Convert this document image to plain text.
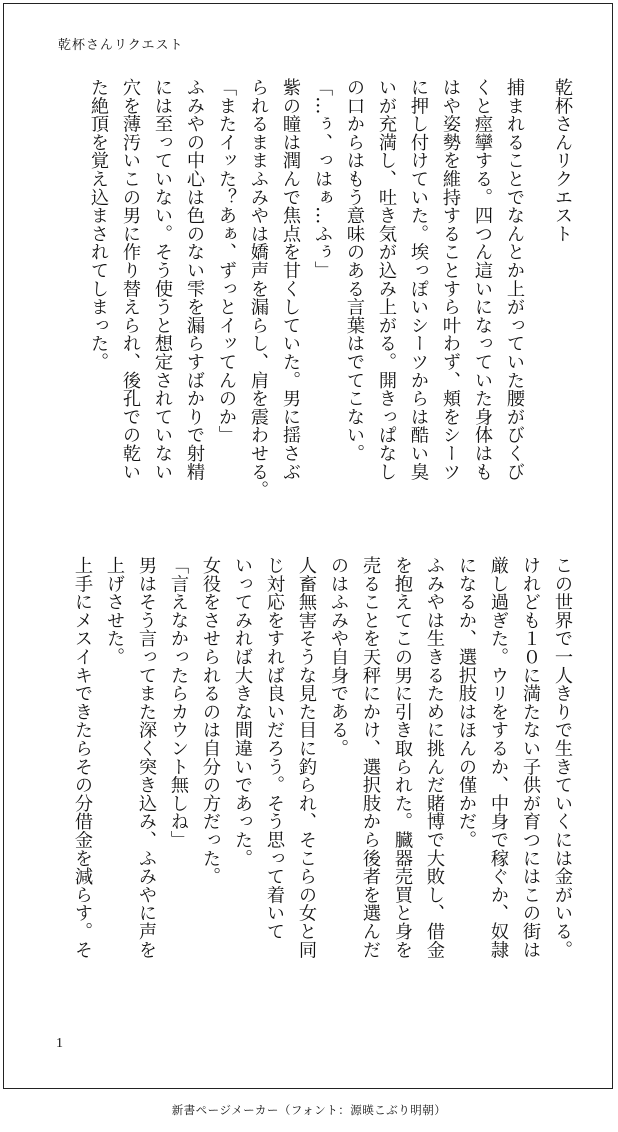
乾杯さんリクエスト
乾杯さんリクエスト
捕まれることでなんとか上がっていた腰がびくび
くと痙攣する。四つん這いになっていた身体はも
はや姿勢を維持することすら叶わず、頬をシーツ
に押し付けていた。埃っぽいシーツからは酷い臭
いが充満し、吐き気が込み上がる。開きっぱなし
の口からはもう意味のある言葉はでてこない。
「…ぅ、っはぁ…ふぅ」
紫の瞳は潤んで焦点を甘くしていた。男に揺さぶ
られるままふみやは嬌声を漏らし、肩を震わせる。
「またイッた？あぁ、ずっとイッてんのか」
ふみやの中心は色のない雫を漏らすばかりで射精
には至っていない。そう使うと想定されていない
穴を薄汚いこの男に作り替えられ、後孔での乾い
た絶頂を覚え込まされてしまった。
この世界で一人きりで生きていくには金がいる。
けれども１０に満たない子供が育つにはこの街は
厳し過ぎた。ウリをするか、中身で稼ぐか、奴隷
になるか、選択肢はほんの僅かだ。
ふみやは生きるために挑んだ賭博で大敗し、借金
を抱えてこの男に引き取られた。臓器売買と身を
売ることを天秤にかけ、選択肢から後者を選んだ
のはふみや自身である。
人畜無害そうな見た目に釣られ、そこらの女と同
じ対応をすれば良いだろう。そう思って着いて
いってみれば大きな間違いであった。
女役をさせられるのは自分の方だった。
「言えなかったらカウント無しね」
男はそう言ってまた深く突き込み、ふみやに声を
上げさせた。
上手にメスイキできたらその分借金を減らす。そ
1
新書ページメーカー（フォント：源暎こぶり明朝）
